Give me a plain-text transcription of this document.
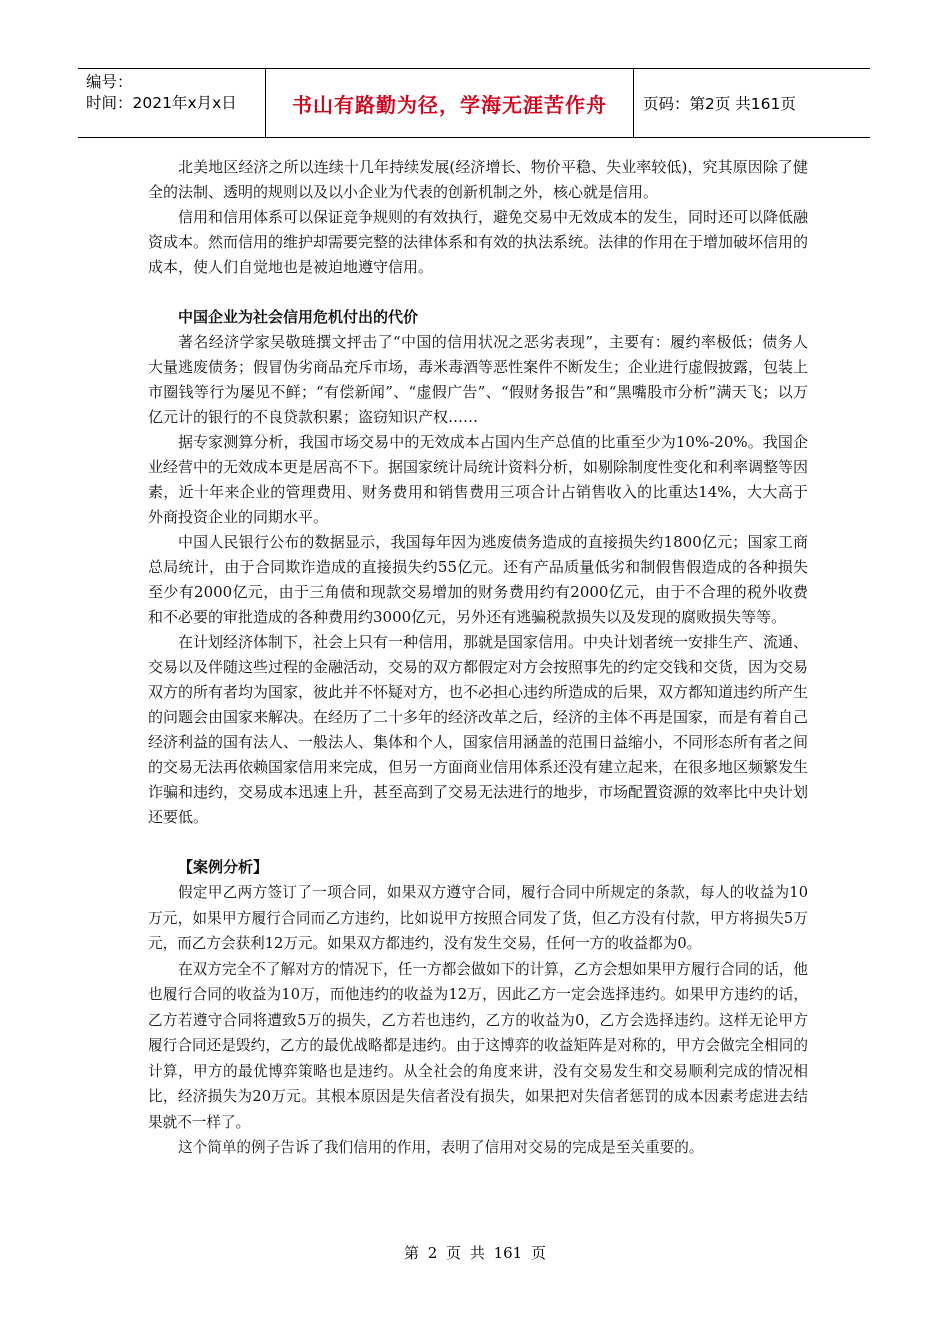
编号：
时间：2021年x月x日	书山有路勤为径，学海无涯苦作舟	页码：第2页 共161页

北美地区经济之所以连续十几年持续发展(经济增长、物价平稳、失业率较低)，究其原因除了健全的法制、透明的规则以及以小企业为代表的创新机制之外，核心就是信用。

信用和信用体系可以保证竞争规则的有效执行，避免交易中无效成本的发生，同时还可以降低融资成本。然而信用的维护却需要完整的法律体系和有效的执法系统。法律的作用在于增加破坏信用的成本，使人们自觉地也是被迫地遵守信用。

中国企业为社会信用危机付出的代价

著名经济学家吴敬琏撰文抨击了“中国的信用状况之恶劣表现”，主要有：履约率极低；债务人大量逃废债务；假冒伪劣商品充斥市场，毒米毒酒等恶性案件不断发生；企业进行虚假披露，包装上市圈钱等行为屡见不鲜；“有偿新闻”、“虚假广告”、“假财务报告”和“黑嘴股市分析”满天飞；以万亿元计的银行的不良贷款积累；盗窃知识产权……

据专家测算分析，我国市场交易中的无效成本占国内生产总值的比重至少为10%-20%。我国企业经营中的无效成本更是居高不下。据国家统计局统计资料分析，如剔除制度性变化和利率调整等因素，近十年来企业的管理费用、财务费用和销售费用三项合计占销售收入的比重达14%，大大高于外商投资企业的同期水平。

中国人民银行公布的数据显示，我国每年因为逃废债务造成的直接损失约1800亿元；国家工商总局统计，由于合同欺诈造成的直接损失约55亿元。还有产品质量低劣和制假售假造成的各种损失至少有2000亿元，由于三角债和现款交易增加的财务费用约有2000亿元，由于不合理的税外收费和不必要的审批造成的各种费用约3000亿元，另外还有逃骗税款损失以及发现的腐败损失等等。

在计划经济体制下，社会上只有一种信用，那就是国家信用。中央计划者统一安排生产、流通、交易以及伴随这些过程的金融活动，交易的双方都假定对方会按照事先的约定交钱和交货，因为交易双方的所有者均为国家，彼此并不怀疑对方，也不必担心违约所造成的后果，双方都知道违约所产生的问题会由国家来解决。在经历了二十多年的经济改革之后，经济的主体不再是国家，而是有着自己经济利益的国有法人、一般法人、集体和个人，国家信用涵盖的范围日益缩小，不同形态所有者之间的交易无法再依赖国家信用来完成，但另一方面商业信用体系还没有建立起来，在很多地区频繁发生诈骗和违约，交易成本迅速上升，甚至高到了交易无法进行的地步，市场配置资源的效率比中央计划还要低。

【案例分析】

假定甲乙两方签订了一项合同，如果双方遵守合同，履行合同中所规定的条款，每人的收益为10万元，如果甲方履行合同而乙方违约，比如说甲方按照合同发了货，但乙方没有付款，甲方将损失5万元，而乙方会获利12万元。如果双方都违约，没有发生交易，任何一方的收益都为0。

在双方完全不了解对方的情况下，任一方都会做如下的计算，乙方会想如果甲方履行合同的话，他也履行合同的收益为10万，而他违约的收益为12万，因此乙方一定会选择违约。如果甲方违约的话，乙方若遵守合同将遭致5万的损失，乙方若也违约，乙方的收益为0，乙方会选择违约。这样无论甲方履行合同还是毁约，乙方的最优战略都是违约。由于这博弈的收益矩阵是对称的，甲方会做完全相同的计算，甲方的最优博弈策略也是违约。从全社会的角度来讲，没有交易发生和交易顺利完成的情况相比，经济损失为20万元。其根本原因是失信者没有损失，如果把对失信者惩罚的成本因素考虑进去结果就不一样了。

这个简单的例子告诉了我们信用的作用，表明了信用对交易的完成是至关重要的。

第 2 页 共 161 页
